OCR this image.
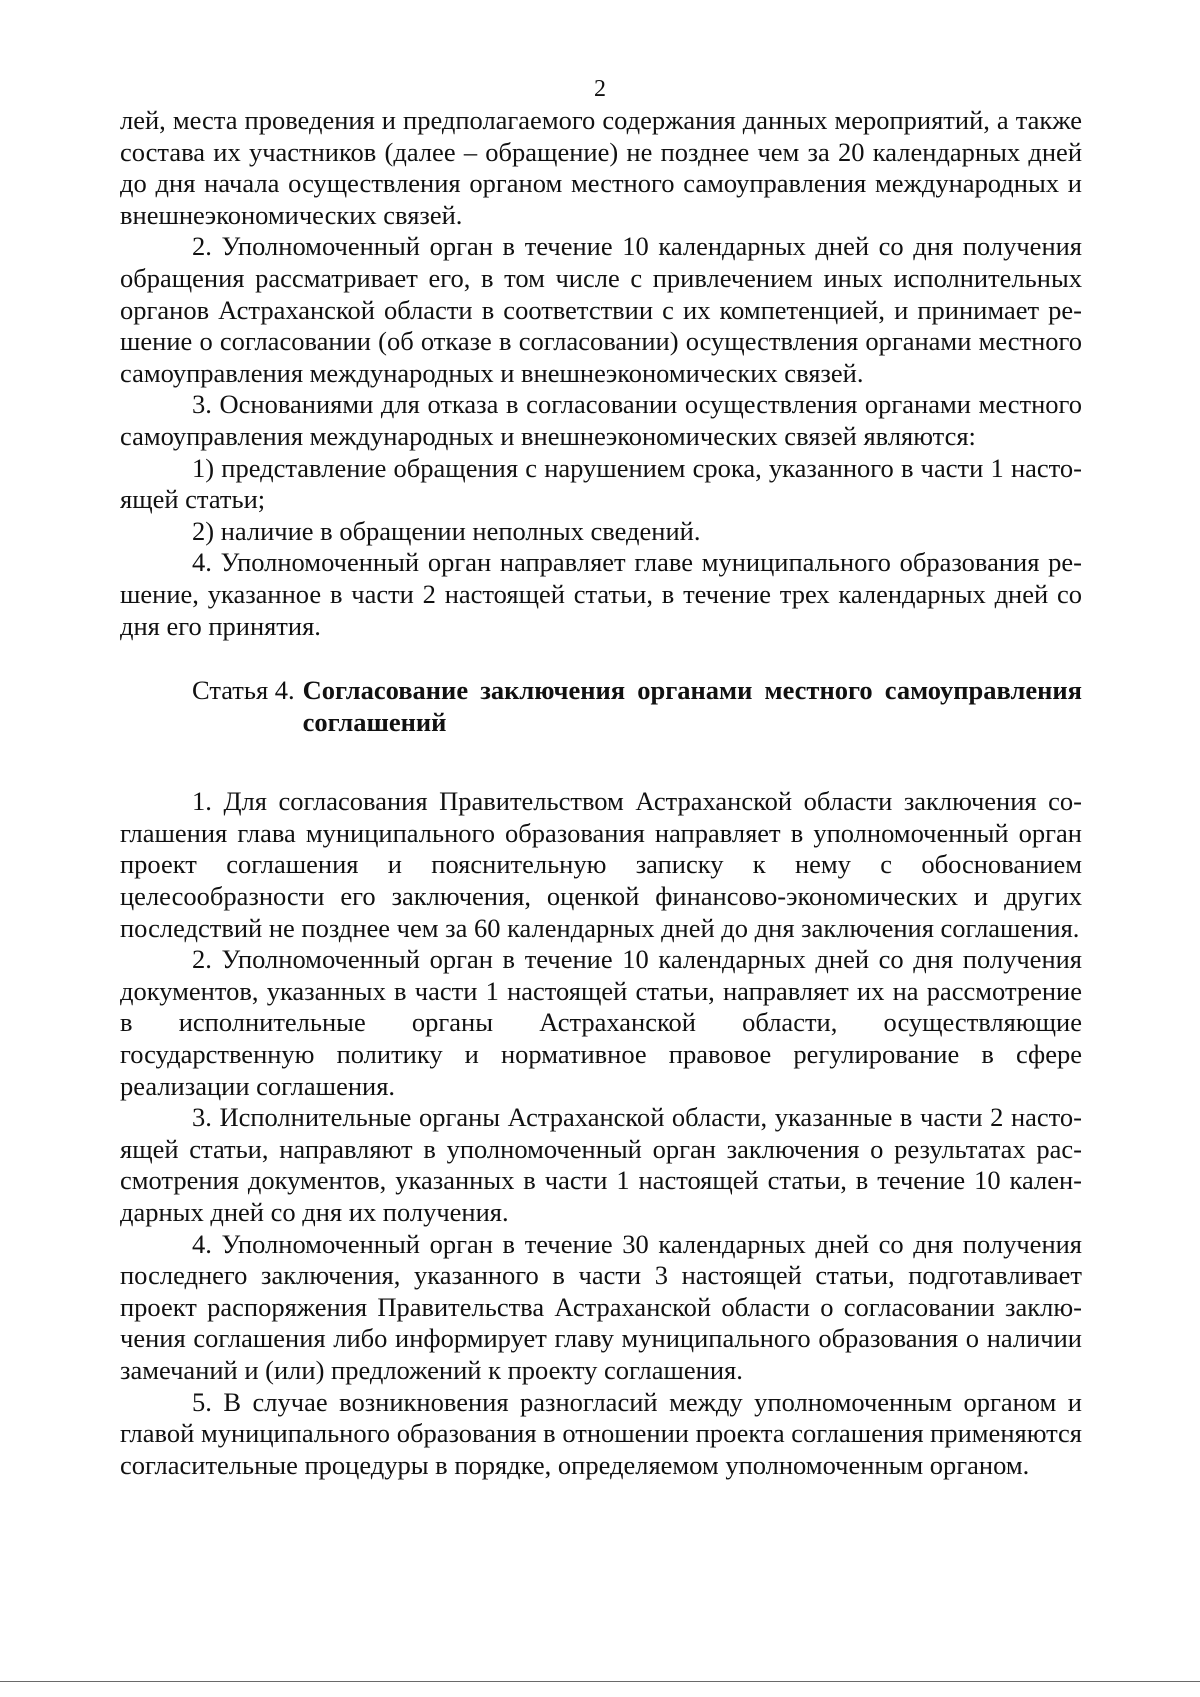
2

лей, места проведения и предполагаемого содержания данных мероприятий, а также состава их участников (далее – обращение) не позднее чем за 20 календарных дней до дня начала осуществления органом местного самоуправления международных и внешнеэкономических связей.

2. Уполномоченный орган в течение 10 календарных дней со дня получения обращения рассматривает его, в том числе с привлечением иных исполнительных органов Астраханской области в соответствии с их компетенцией, и принимает решение о согласовании (об отказе в согласовании) осуществления органами местного самоуправления международных и внешнеэкономических связей.

3. Основаниями для отказа в согласовании осуществления органами местного самоуправления международных и внешнеэкономических связей являются:

1) представление обращения с нарушением срока, указанного в части 1 настоящей статьи;

2) наличие в обращении неполных сведений.

4. Уполномоченный орган направляет главе муниципального образования решение, указанное в части 2 настоящей статьи, в течение трех календарных дней со дня его принятия.

Статья 4. Согласование заключения органами местного самоуправления соглашений

1. Для согласования Правительством Астраханской области заключения соглашения глава муниципального образования направляет в уполномоченный орган проект соглашения и пояснительную записку к нему с обоснованием целесообразности его заключения, оценкой финансово-экономических и других последствий не позднее чем за 60 календарных дней до дня заключения соглашения.

2. Уполномоченный орган в течение 10 календарных дней со дня получения документов, указанных в части 1 настоящей статьи, направляет их на рассмотрение в исполнительные органы Астраханской области, осуществляющие государственную политику и нормативное правовое регулирование в сфере реализации соглашения.

3. Исполнительные органы Астраханской области, указанные в части 2 настоящей статьи, направляют в уполномоченный орган заключения о результатах рассмотрения документов, указанных в части 1 настоящей статьи, в течение 10 календарных дней со дня их получения.

4. Уполномоченный орган в течение 30 календарных дней со дня получения последнего заключения, указанного в части 3 настоящей статьи, подготавливает проект распоряжения Правительства Астраханской области о согласовании заключения соглашения либо информирует главу муниципального образования о наличии замечаний и (или) предложений к проекту соглашения.

5. В случае возникновения разногласий между уполномоченным органом и главой муниципального образования в отношении проекта соглашения применяются согласительные процедуры в порядке, определяемом уполномоченным органом.
